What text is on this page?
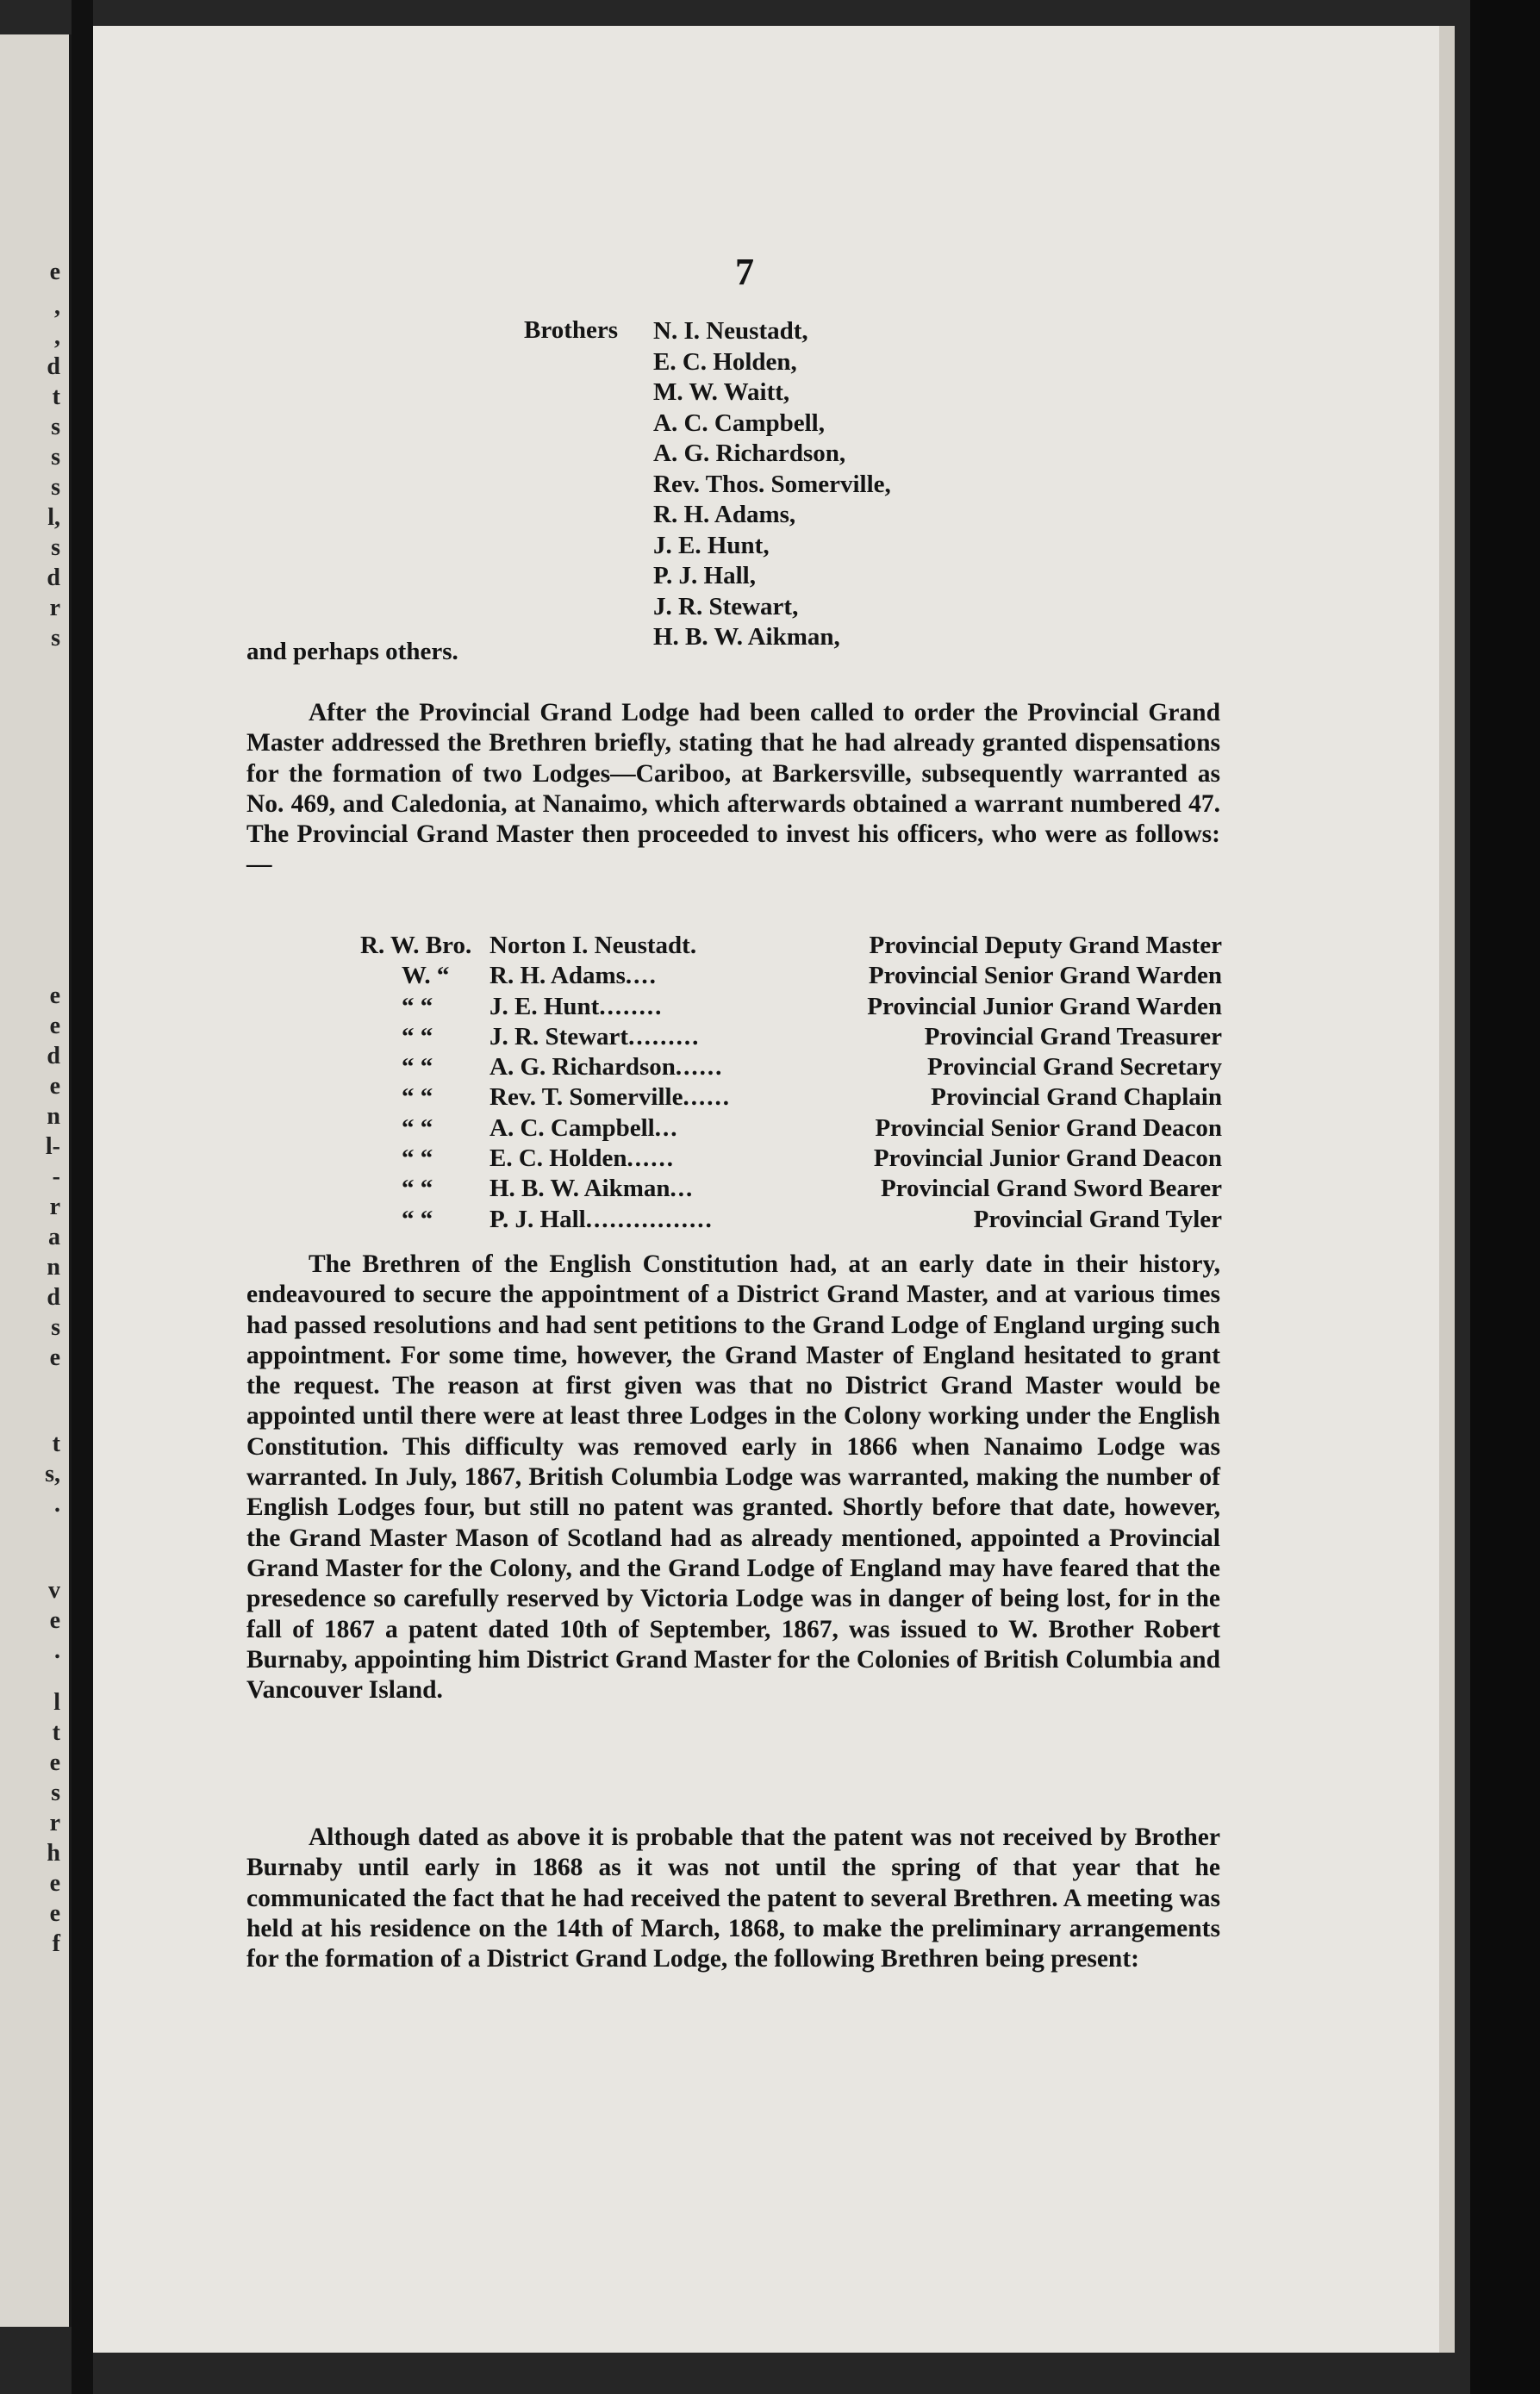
e
,
,
d
t
s
s
s
l,
s
d
r
s
e
e
d
e
n
l-
-
r
a
n
d
s
e
t
s,
.
v
e
.
l
t
e
s
r
h
e
e
f
7
Brothers N. I. Neustadt,
E. C. Holden,
M. W. Waitt,
A. C. Campbell,
A. G. Richardson,
Rev. Thos. Somerville,
R. H. Adams,
J. E. Hunt,
P. J. Hall,
J. R. Stewart,
H. B. W. Aikman,
and perhaps others.
After the Provincial Grand Lodge had been called to order the Provincial Grand Master addressed the Brethren briefly, stating that he had already granted dispensations for the formation of two Lodges—Cariboo, at Barkersville, subsequently warranted as No. 469, and Caledonia, at Nanaimo, which afterwards obtained a warrant numbered 47. The Provincial Grand Master then proceeded to invest his officers, who were as follows:—
R. W. Bro. Norton I. Neustadt .	Provincial Deputy Grand Master
W. “	R. H. Adams ....	Provincial Senior Grand Warden
“ “	J. E. Hunt ........	Provincial Junior Grand Warden
“ “	J. R. Stewart .........	Provincial Grand Treasurer
“ “	A. G. Richardson ......	Provincial Grand Secretary
“ “	Rev. T. Somerville ......	Provincial Grand Chaplain
“ “	A. C. Campbell ...	Provincial Senior Grand Deacon
“ “	E. C. Holden ......	Provincial Junior Grand Deacon
“ “	H. B. W. Aikman ...	Provincial Grand Sword Bearer
“ “	P. J. Hall ................	Provincial Grand Tyler
The Brethren of the English Constitution had, at an early date in their history, endeavoured to secure the appointment of a District Grand Master, and at various times had passed resolutions and had sent petitions to the Grand Lodge of England urging such appointment. For some time, however, the Grand Master of England hesitated to grant the request. The reason at first given was that no District Grand Master would be appointed until there were at least three Lodges in the Colony working under the English Constitution. This difficulty was removed early in 1866 when Nanaimo Lodge was warranted. In July, 1867, British Columbia Lodge was warranted, making the number of English Lodges four, but still no patent was granted. Shortly before that date, however, the Grand Master Mason of Scotland had as already mentioned, appointed a Provincial Grand Master for the Colony, and the Grand Lodge of England may have feared that the presedence so carefully reserved by Victoria Lodge was in danger of being lost, for in the fall of 1867 a patent dated 10th of September, 1867, was issued to W. Brother Robert Burnaby, appointing him District Grand Master for the Colonies of British Columbia and Vancouver Island.
Although dated as above it is probable that the patent was not received by Brother Burnaby until early in 1868 as it was not until the spring of that year that he communicated the fact that he had received the patent to several Brethren. A meeting was held at his residence on the 14th of March, 1868, to make the preliminary arrangements for the formation of a District Grand Lodge, the following Brethren being present:
